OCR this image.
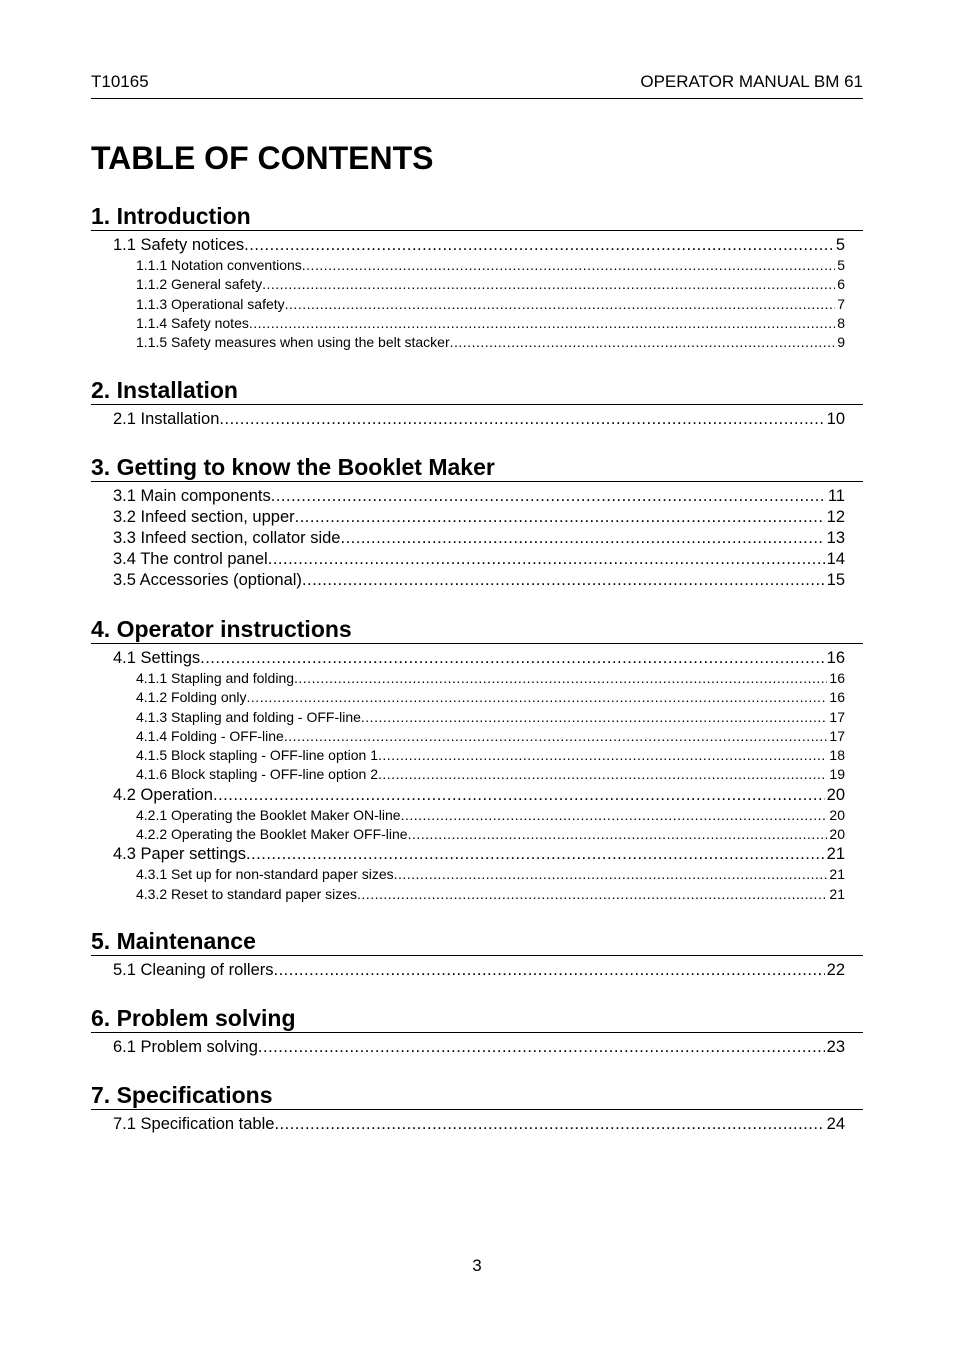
T10165	OPERATOR MANUAL BM 61
TABLE OF CONTENTS
1. Introduction
1.1 Safety notices .....	5
1.1.1 Notation conventions .....	5
1.1.2 General safety .....	6
1.1.3 Operational safety .....	7
1.1.4 Safety notes .....	8
1.1.5 Safety measures when using the belt stacker .....	9
2. Installation
2.1 Installation .....	10
3. Getting to know the Booklet Maker
3.1 Main components .....	11
3.2 Infeed section, upper .....	12
3.3 Infeed section, collator side .....	13
3.4 The control panel .....	14
3.5 Accessories (optional) .....	15
4. Operator instructions
4.1 Settings .....	16
4.1.1 Stapling and folding .....	16
4.1.2 Folding only .....	16
4.1.3 Stapling and folding - OFF-line .....	17
4.1.4 Folding - OFF-line .....	17
4.1.5 Block stapling - OFF-line option 1 .....	18
4.1.6 Block stapling - OFF-line option 2 .....	19
4.2 Operation .....	20
4.2.1 Operating the Booklet Maker ON-line .....	20
4.2.2 Operating the Booklet Maker OFF-line .....	20
4.3 Paper settings .....	21
4.3.1 Set up for non-standard paper sizes .....	21
4.3.2 Reset to standard paper sizes .....	21
5. Maintenance
5.1 Cleaning of rollers .....	22
6. Problem solving
6.1 Problem solving .....	23
7. Specifications
7.1 Specification table .....	24
3
